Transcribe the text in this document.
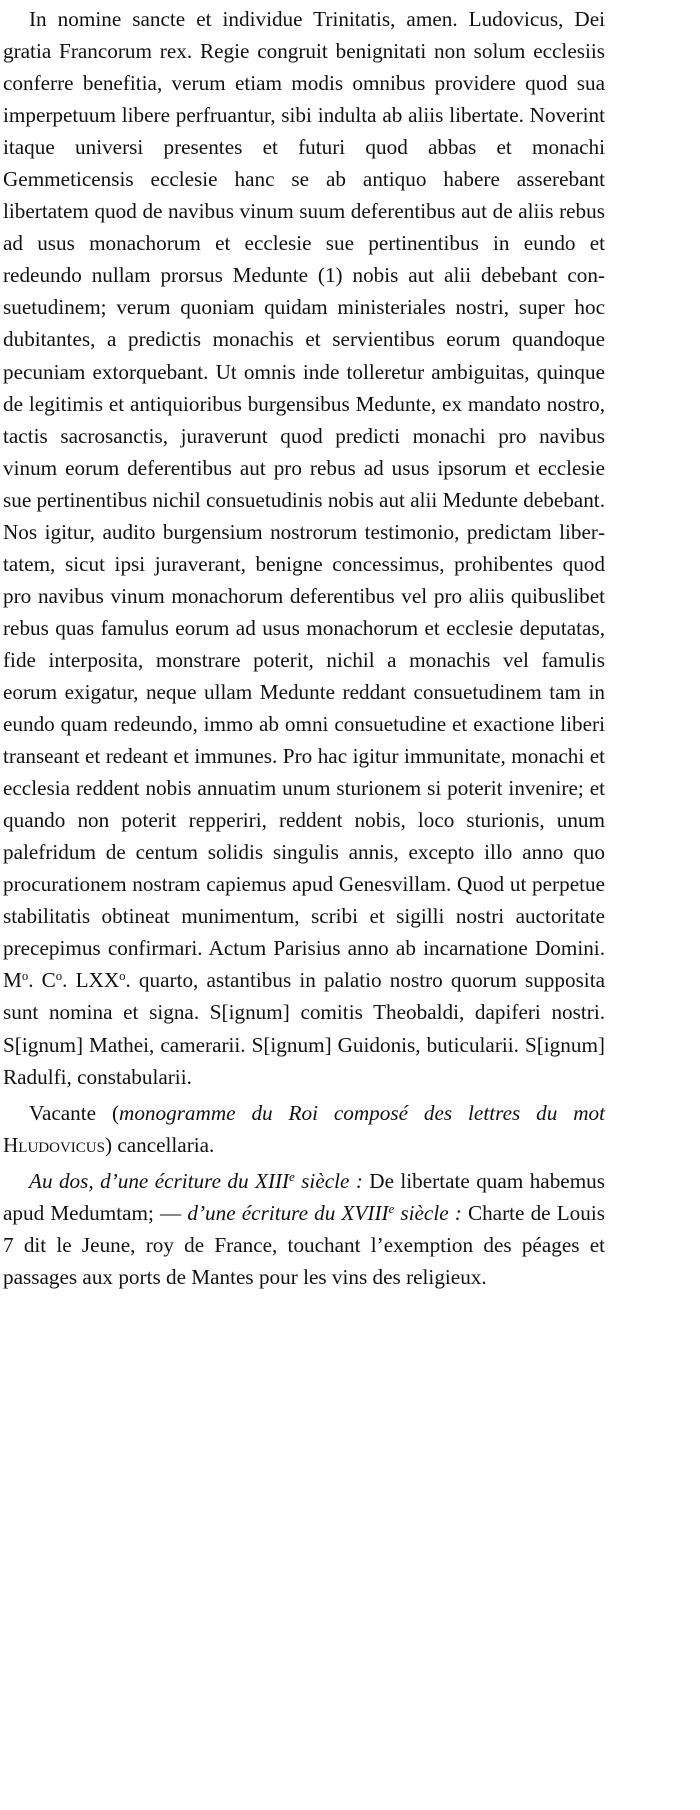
In nomine sancte et individue Trinitatis, amen. Ludovicus, Dei gratia Francorum rex. Regie congruit benignitati non solum ecclesiis conferre benefitia, verum etiam modis omnibus providere quod sua imperpetuum libere perfruantur, sibi indulta ab aliis libertate. Noverint itaque universi presentes et futuri quod abbas et monachi Gemmeticensis ecclesie hanc se ab antiquo habere asserebant libertatem quod de navibus vinum suum deferentibus aut de aliis rebus ad usus monachorum et ecclesie sue pertinentibus in eundo et redeundo nullam prorsus Medunte (1) nobis aut alii debebant consuetudinem; verum quoniam quidam ministeriales nostri, super hoc dubitantes, a predictis monachis et servientibus eorum quandoque pecuniam extorquebant. Ut omnis inde tolleretur ambiguitas, quinque de legitimis et antiquioribus burgensibus Medunte, ex mandato nostro, tactis sacrosanctis, juraverunt quod predicti monachi pro navibus vinum eorum deferentibus aut pro rebus ad usus ipsorum et ecclesie sue pertinentibus nichil consuetudinis nobis aut alii Medunte debebant. Nos igitur, audito burgensium nostrorum testimonio, predictam libertatem, sicut ipsi juraverant, benigne concessimus, prohibentes quod pro navibus vinum monachorum deferentibus vel pro aliis quibuslibet rebus quas famulus eorum ad usus monachorum et ecclesie deputatas, fide interposita, monstrare poterit, nichil a monachis vel famulis eorum exigatur, neque ullam Medunte reddant consuetudinem tam in eundo quam redeundo, immo ab omni consuetudine et exactione liberi transeant et redeant et immunes. Pro hac igitur immunitate, monachi et ecclesia reddent nobis annuatim unum sturionem si poterit invenire; et quando non poterit repperiri, reddent nobis, loco sturionis, unum palefridum de centum solidis singulis annis, excepto illo anno quo procurationem nostram capiemus apud Genesvillam. Quod ut perpetue stabilitatis obtineat munimentum, scribi et sigilli nostri auctoritate precepimus confirmari. Actum Parisius anno ab incarnatione Domini. $M^o$. $C^o$. LXX$^o$. quarto, astantibus in palatio nostro quorum supposita sunt nomina et signa. S[ignum] comitis Theobaldi, dapiferi nostri. S[ignum] Mathei, camerarii. S[ignum] Guidonis, buticularii. S[ignum] Radulfi, constabularii.

Vacante (monogramme du Roi composé des lettres du mot Hludovicus) cancellaria.

Au dos, d’une écriture du XIIIe siècle : De libertate quam habemus apud Medumtam; — d’une écriture du XVIIIe siècle : Charte de Louis 7 dit le Jeune, roy de France, touchant l’exemption des péages et passages aux ports de Mantes pour les vins des religieux.
